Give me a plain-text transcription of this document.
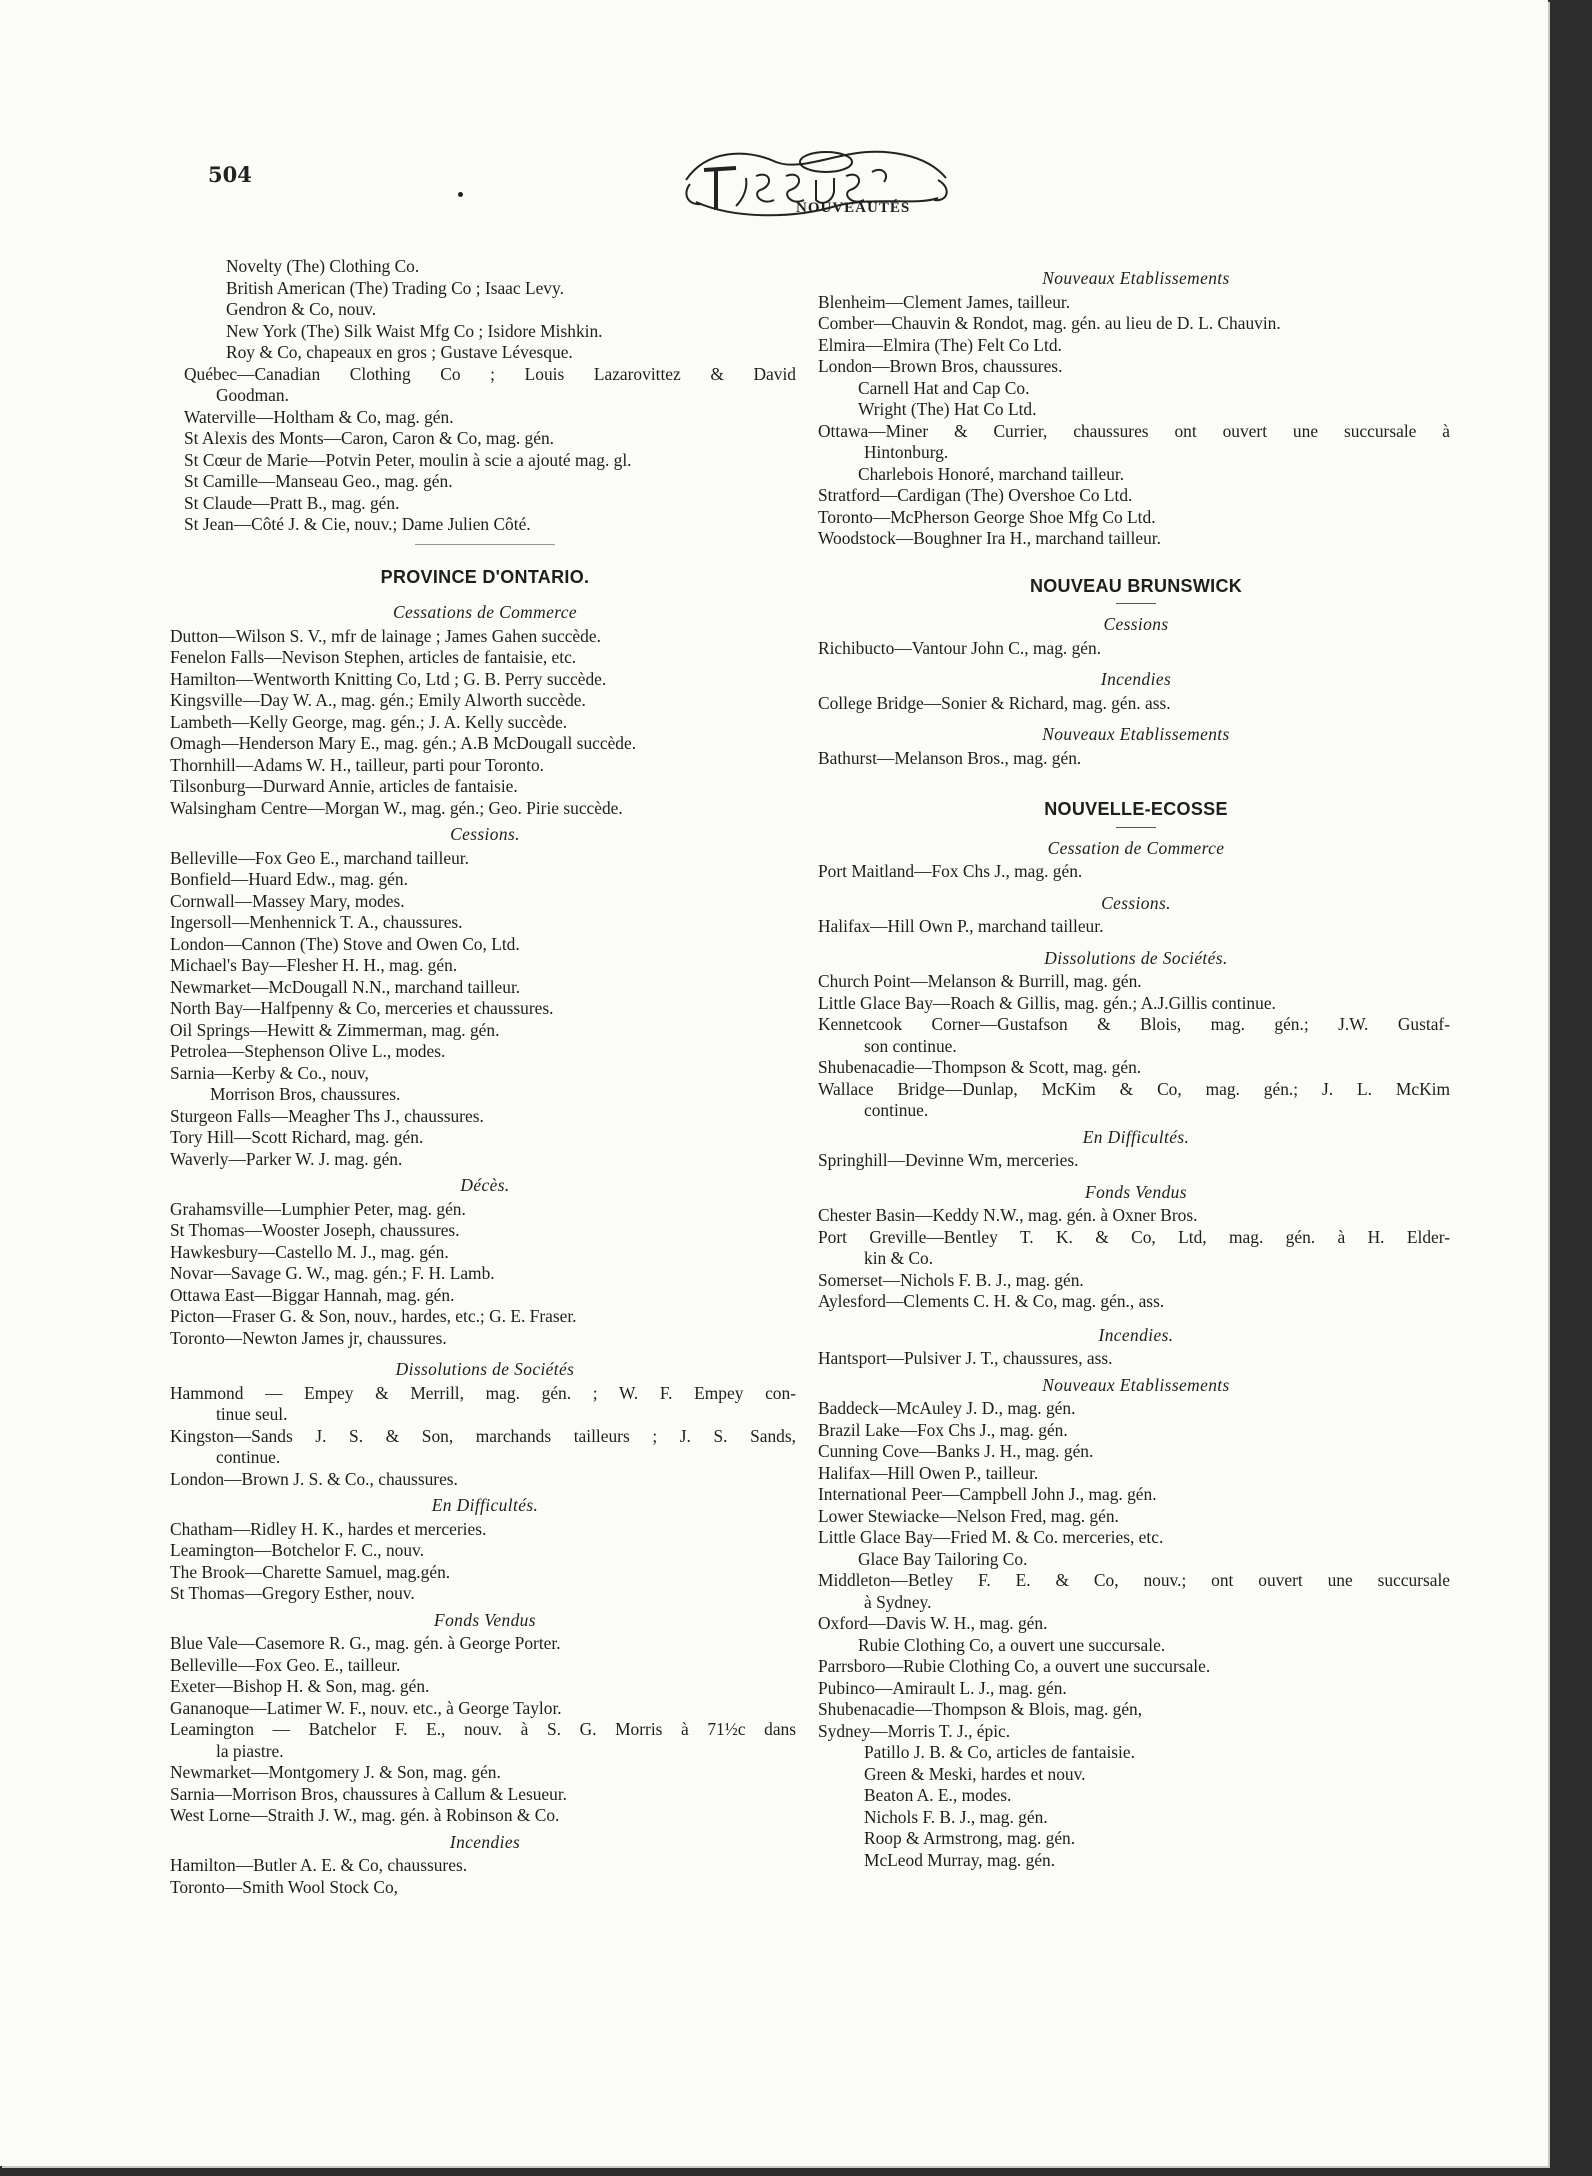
504
NOUVEAUTÉS
Novelty (The) Clothing Co.
British American (The) Trading Co ; Isaac Levy.
Gendron & Co, nouv.
New York (The) Silk Waist Mfg Co ; Isidore Mishkin.
Roy & Co, chapeaux en gros ; Gustave Lévesque.
Québec—Canadian Clothing Co ; Louis Lazarovittez & David
Goodman.
Waterville—Holtham & Co, mag. gén.
St Alexis des Monts—Caron, Caron & Co, mag. gén.
St Cœur de Marie—Potvin Peter, moulin à scie a ajouté mag. gl.
St Camille—Manseau Geo., mag. gén.
St Claude—Pratt B., mag. gén.
St Jean—Côté J. & Cie, nouv.; Dame Julien Côté.
PROVINCE D'ONTARIO.
Cessations de Commerce
Dutton—Wilson S. V., mfr de lainage ; James Gahen succède.
Fenelon Falls—Nevison Stephen, articles de fantaisie, etc.
Hamilton—Wentworth Knitting Co, Ltd ; G. B. Perry succède.
Kingsville—Day W. A., mag. gén.; Emily Alworth succède.
Lambeth—Kelly George, mag. gén.; J. A. Kelly succède.
Omagh—Henderson Mary E., mag. gén.; A.B McDougall succède.
Thornhill—Adams W. H., tailleur, parti pour Toronto.
Tilsonburg—Durward Annie, articles de fantaisie.
Walsingham Centre—Morgan W., mag. gén.; Geo. Pirie succède.
Cessions.
Belleville—Fox Geo E., marchand tailleur.
Bonfield—Huard Edw., mag. gén.
Cornwall—Massey Mary, modes.
Ingersoll—Menhennick T. A., chaussures.
London—Cannon (The) Stove and Owen Co, Ltd.
Michael's Bay—Flesher H. H., mag. gén.
Newmarket—McDougall N.N., marchand tailleur.
North Bay—Halfpenny & Co, merceries et chaussures.
Oil Springs—Hewitt & Zimmerman, mag. gén.
Petrolea—Stephenson Olive L., modes.
Sarnia—Kerby & Co., nouv,
Morrison Bros, chaussures.
Sturgeon Falls—Meagher Ths J., chaussures.
Tory Hill—Scott Richard, mag. gén.
Waverly—Parker W. J. mag. gén.
Décès.
Grahamsville—Lumphier Peter, mag. gén.
St Thomas—Wooster Joseph, chaussures.
Hawkesbury—Castello M. J., mag. gén.
Novar—Savage G. W., mag. gén.; F. H. Lamb.
Ottawa East—Biggar Hannah, mag. gén.
Picton—Fraser G. & Son, nouv., hardes, etc.; G. E. Fraser.
Toronto—Newton James jr, chaussures.
Dissolutions de Sociétés
Hammond — Empey & Merrill, mag. gén. ; W. F. Empey con-
tinue seul.
Kingston—Sands J. S. & Son, marchands tailleurs ; J. S. Sands,
continue.
London—Brown J. S. & Co., chaussures.
En Difficultés.
Chatham—Ridley H. K., hardes et merceries.
Leamington—Botchelor F. C., nouv.
The Brook—Charette Samuel, mag.gén.
St Thomas—Gregory Esther, nouv.
Fonds Vendus
Blue Vale—Casemore R. G., mag. gén. à George Porter.
Belleville—Fox Geo. E., tailleur.
Exeter—Bishop H. & Son, mag. gén.
Gananoque—Latimer W. F., nouv. etc., à George Taylor.
Leamington — Batchelor F. E., nouv. à S. G. Morris à 71½c dans
la piastre.
Newmarket—Montgomery J. & Son, mag. gén.
Sarnia—Morrison Bros, chaussures à Callum & Lesueur.
West Lorne—Straith J. W., mag. gén. à Robinson & Co.
Incendies
Hamilton—Butler A. E. & Co, chaussures.
Toronto—Smith Wool Stock Co,
Nouveaux Etablissements
Blenheim—Clement James, tailleur.
Comber—Chauvin & Rondot, mag. gén. au lieu de D. L. Chauvin.
Elmira—Elmira (The) Felt Co Ltd.
London—Brown Bros, chaussures.
Carnell Hat and Cap Co.
Wright (The) Hat Co Ltd.
Ottawa—Miner & Currier, chaussures ont ouvert une succursale à
Hintonburg.
Charlebois Honoré, marchand tailleur.
Stratford—Cardigan (The) Overshoe Co Ltd.
Toronto—McPherson George Shoe Mfg Co Ltd.
Woodstock—Boughner Ira H., marchand tailleur.
NOUVEAU BRUNSWICK
Cessions
Richibucto—Vantour John C., mag. gén.
Incendies
College Bridge—Sonier & Richard, mag. gén. ass.
Nouveaux Etablissements
Bathurst—Melanson Bros., mag. gén.
NOUVELLE-ECOSSE
Cessation de Commerce
Port Maitland—Fox Chs J., mag. gén.
Cessions.
Halifax—Hill Own P., marchand tailleur.
Dissolutions de Sociétés.
Church Point—Melanson & Burrill, mag. gén.
Little Glace Bay—Roach & Gillis, mag. gén.; A.J.Gillis continue.
Kennetcook Corner—Gustafson & Blois, mag. gén.; J.W. Gustaf-
son continue.
Shubenacadie—Thompson & Scott, mag. gén.
Wallace Bridge—Dunlap, McKim & Co, mag. gén.; J. L. McKim
continue.
En Difficultés.
Springhill—Devinne Wm, merceries.
Fonds Vendus
Chester Basin—Keddy N.W., mag. gén. à Oxner Bros.
Port Greville—Bentley T. K. & Co, Ltd, mag. gén. à H. Elder-
kin & Co.
Somerset—Nichols F. B. J., mag. gén.
Aylesford—Clements C. H. & Co, mag. gén., ass.
Incendies.
Hantsport—Pulsiver J. T., chaussures, ass.
Nouveaux Etablissements
Baddeck—McAuley J. D., mag. gén.
Brazil Lake—Fox Chs J., mag. gén.
Cunning Cove—Banks J. H., mag. gén.
Halifax—Hill Owen P., tailleur.
International Peer—Campbell John J., mag. gén.
Lower Stewiacke—Nelson Fred, mag. gén.
Little Glace Bay—Fried M. & Co. merceries, etc.
Glace Bay Tailoring Co.
Middleton—Betley F. E. & Co, nouv.; ont ouvert une succursale
à Sydney.
Oxford—Davis W. H., mag. gén.
Rubie Clothing Co, a ouvert une succursale.
Parrsboro—Rubie Clothing Co, a ouvert une succursale.
Pubinco—Amirault L. J., mag. gén.
Shubenacadie—Thompson & Blois, mag. gén,
Sydney—Morris T. J., épic.
Patillo J. B. & Co, articles de fantaisie.
Green & Meski, hardes et nouv.
Beaton A. E., modes.
Nichols F. B. J., mag. gén.
Roop & Armstrong, mag. gén.
McLeod Murray, mag. gén.
